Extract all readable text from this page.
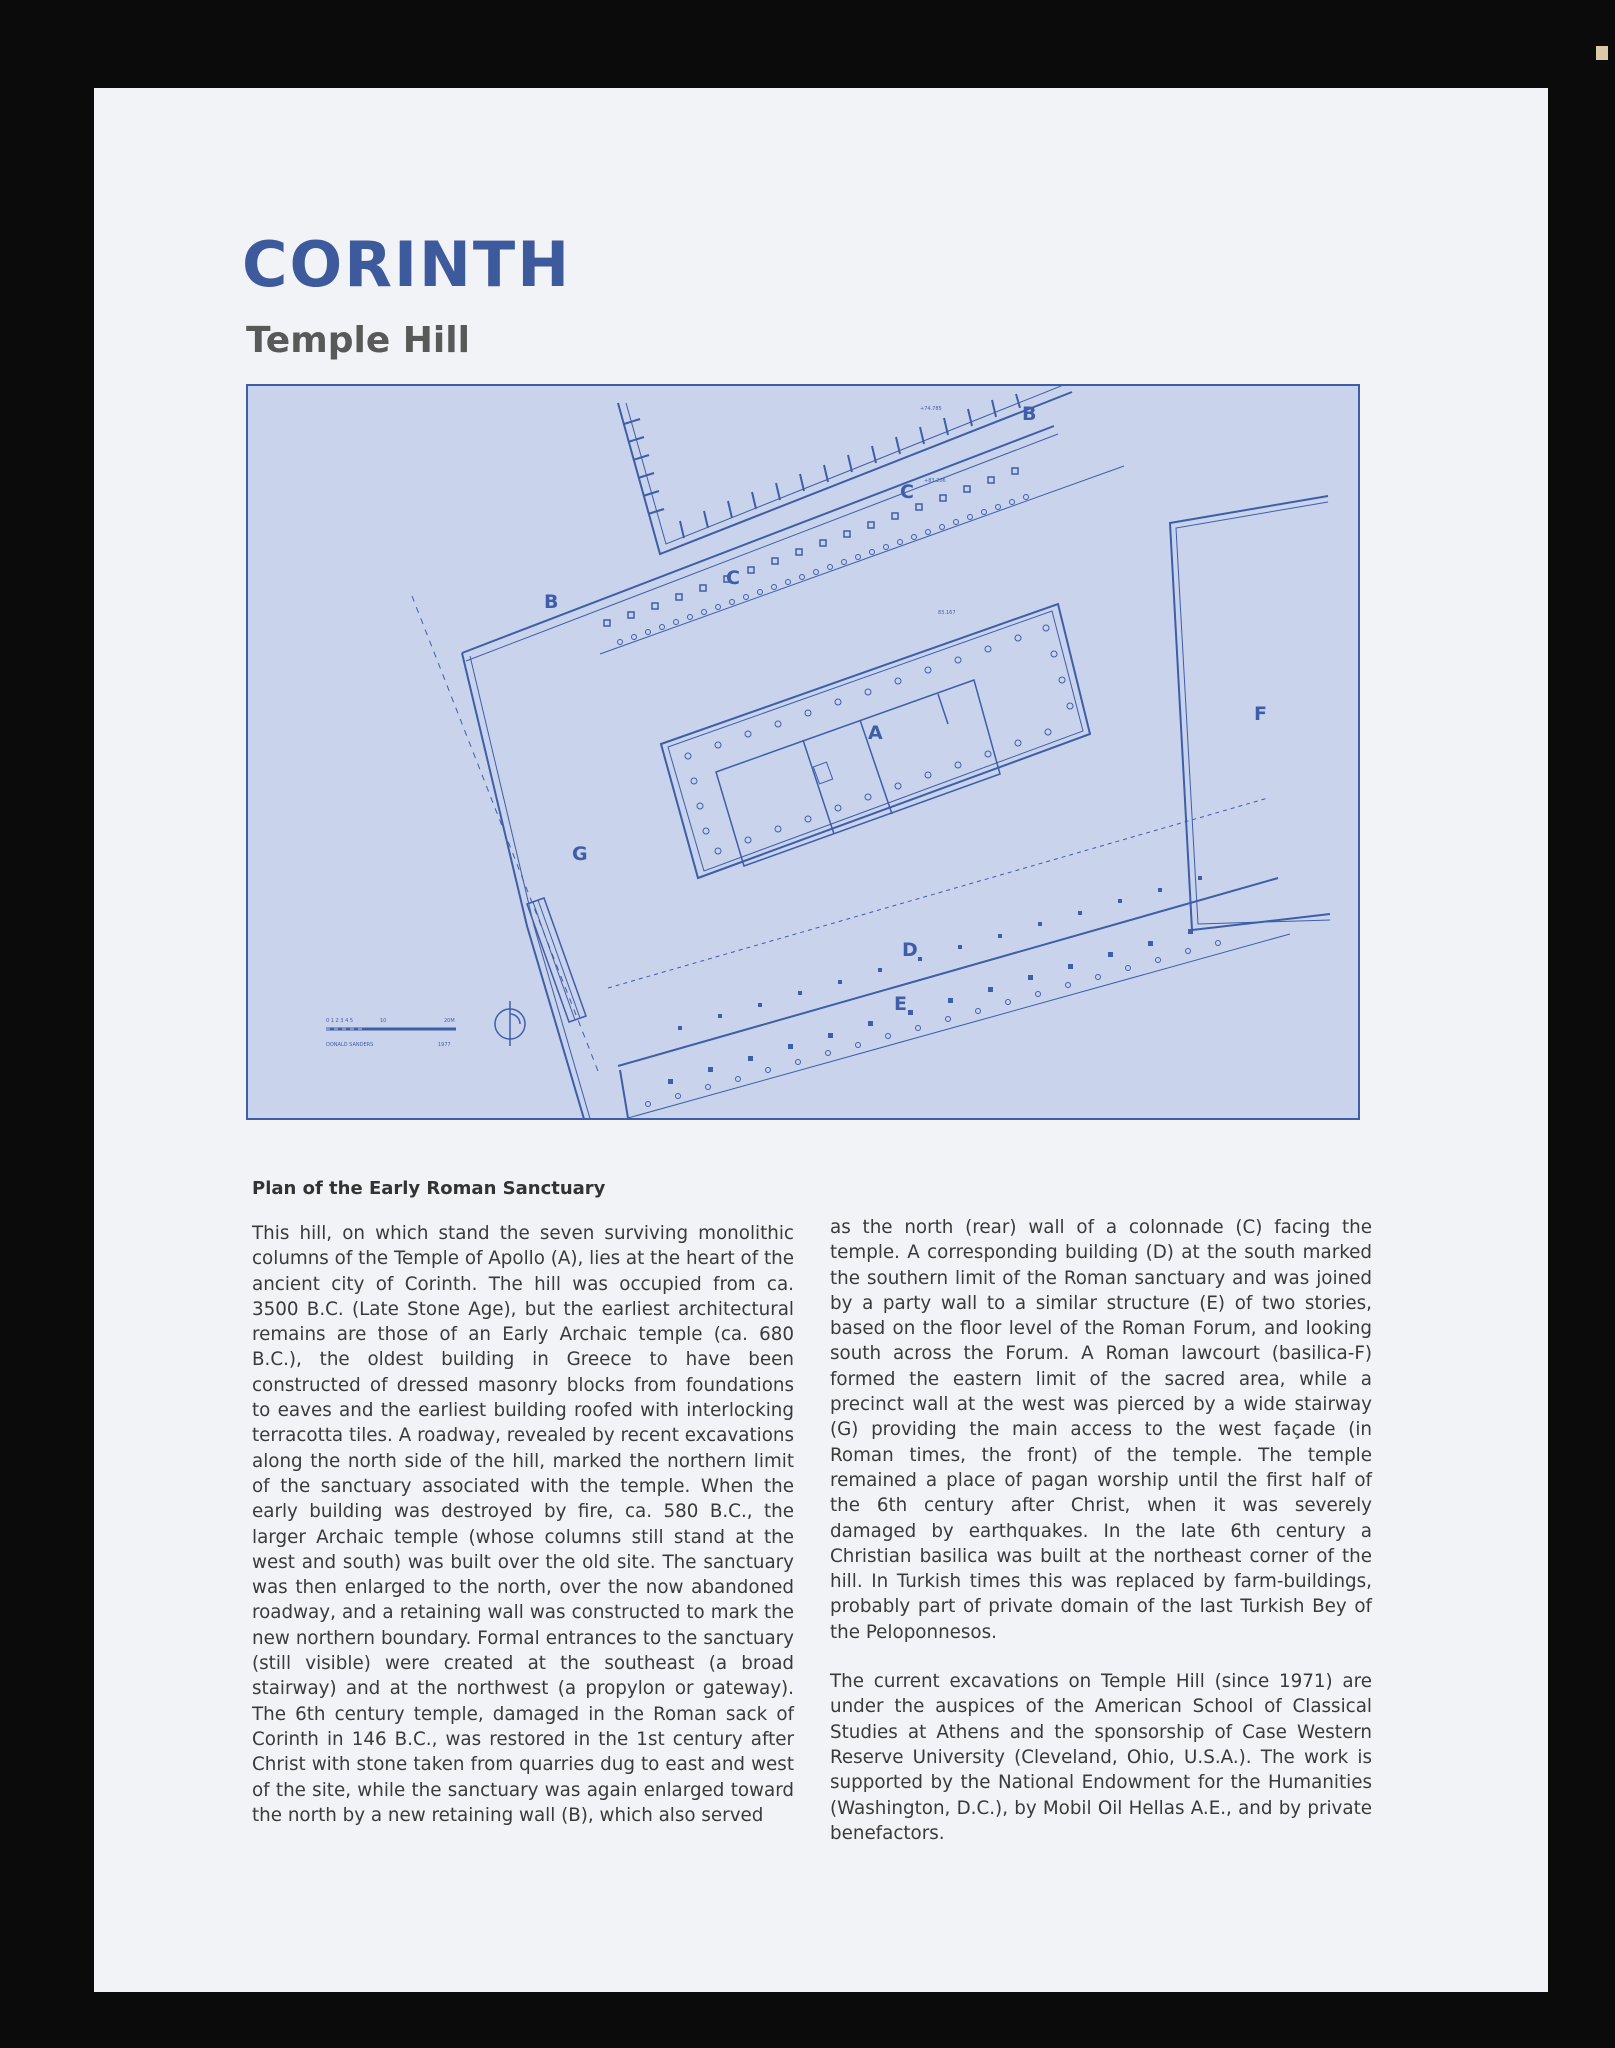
CORINTH
Temple Hill
B
B
C
C
A
D
E
F
G
0 1 2 3 4 5	10	20M
DONALD SANDERS	1977
+74.785
+83.206
83.167
Plan of the Early Roman Sanctuary

This hill, on which stand the seven surviving monolithic columns of the Temple of Apollo (A), lies at the heart of the ancient city of Corinth. The hill was occupied from ca. 3500 B.C. (Late Stone Age), but the earliest architectural remains are those of an Early Archaic temple (ca. 680 B.C.), the oldest building in Greece to have been constructed of dressed masonry blocks from foundations to eaves and the earliest building roofed with interlocking terracotta tiles. A roadway, revealed by recent excavations along the north side of the hill, marked the northern limit of the sanctuary associated with the temple. When the early building was destroyed by fire, ca. 580 B.C., the larger Archaic temple (whose columns still stand at the west and south) was built over the old site. The sanctuary was then enlarged to the north, over the now abandoned roadway, and a retaining wall was constructed to mark the new northern boundary. Formal entrances to the sanctuary (still visible) were created at the southeast (a broad stairway) and at the northwest (a propylon or gateway). The 6th century temple, damaged in the Roman sack of Corinth in 146 B.C., was restored in the 1st century after Christ with stone taken from quarries dug to east and west of the site, while the sanctuary was again enlarged toward the north by a new retaining wall (B), which also served

as the north (rear) wall of a colonnade (C) facing the temple. A corresponding building (D) at the south marked the southern limit of the Roman sanctuary and was joined by a party wall to a similar structure (E) of two stories, based on the floor level of the Roman Forum, and looking south across the Forum. A Roman lawcourt (basilica-F) formed the eastern limit of the sacred area, while a precinct wall at the west was pierced by a wide stairway (G) providing the main access to the west façade (in Roman times, the front) of the temple. The temple remained a place of pagan worship until the first half of the 6th century after Christ, when it was severely damaged by earthquakes. In the late 6th century a Christian basilica was built at the northeast corner of the hill. In Turkish times this was replaced by farm-buildings, probably part of private domain of the last Turkish Bey of the Peloponnesos.

The current excavations on Temple Hill (since 1971) are under the auspices of the American School of Classical Studies at Athens and the sponsorship of Case Western Reserve University (Cleveland, Ohio, U.S.A.). The work is supported by the National Endowment for the Humanities (Washington, D.C.), by Mobil Oil Hellas A.E., and by private benefactors.
